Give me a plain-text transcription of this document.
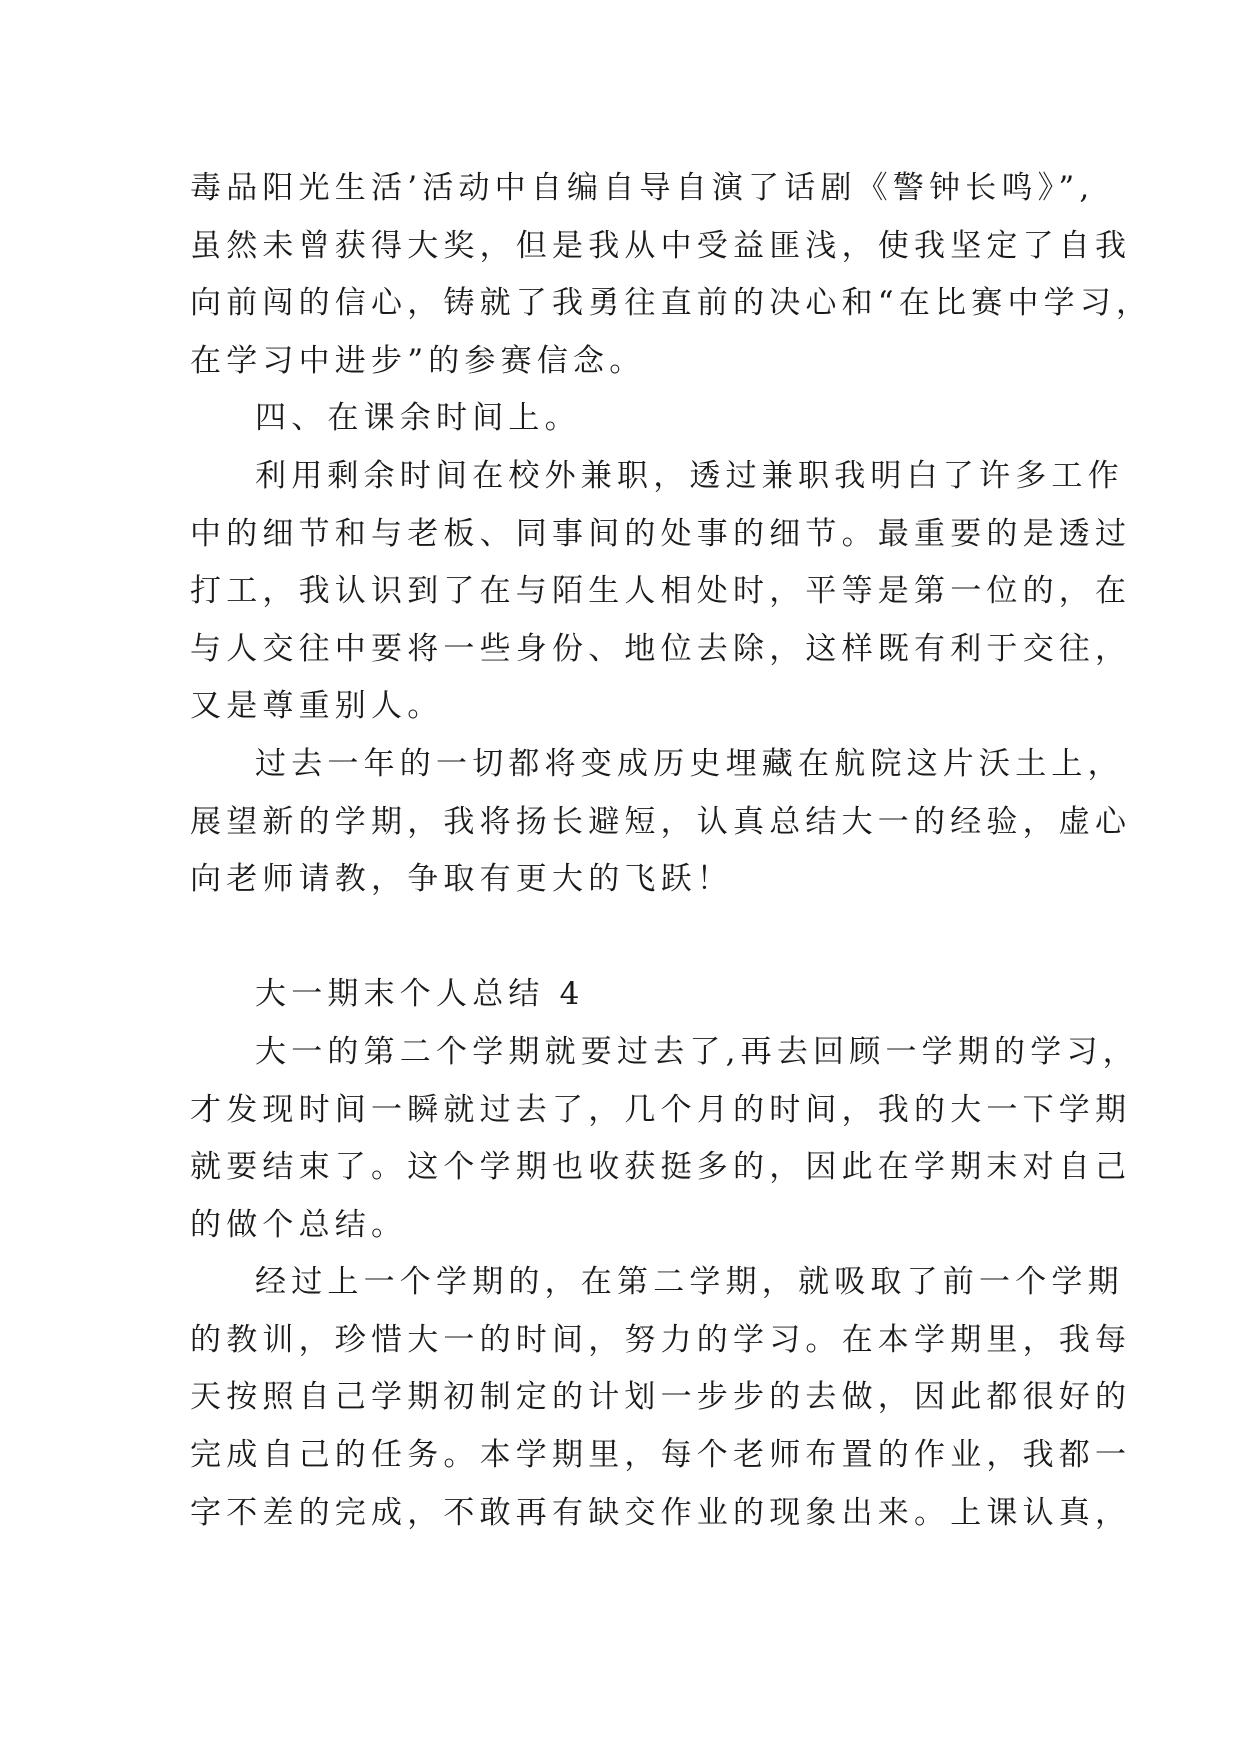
毒品阳光生活’活动中自编自导自演了话剧《警钟长鸣》”,
虽然未曾获得大奖，但是我从中受益匪浅，使我坚定了自我
向前闯的信心，铸就了我勇往直前的决心和“在比赛中学习，
在学习中进步”的参赛信念。
四、在课余时间上。
利用剩余时间在校外兼职，透过兼职我明白了许多工作
中的细节和与老板、同事间的处事的细节。最重要的是透过
打工，我认识到了在与陌生人相处时，平等是第一位的，在
与人交往中要将一些身份、地位去除，这样既有利于交往，
又是尊重别人。
过去一年的一切都将变成历史埋藏在航院这片沃土上，
展望新的学期，我将扬长避短，认真总结大一的经验，虚心
向老师请教，争取有更大的飞跃！
大一期末个人总结 4
大一的第二个学期就要过去了,再去回顾一学期的学习，
才发现时间一瞬就过去了，几个月的时间，我的大一下学期
就要结束了。这个学期也收获挺多的，因此在学期末对自己
的做个总结。
经过上一个学期的，在第二学期，就吸取了前一个学期
的教训，珍惜大一的时间，努力的学习。在本学期里，我每
天按照自己学期初制定的计划一步步的去做，因此都很好的
完成自己的任务。本学期里，每个老师布置的作业，我都一
字不差的完成，不敢再有缺交作业的现象出来。上课认真，
